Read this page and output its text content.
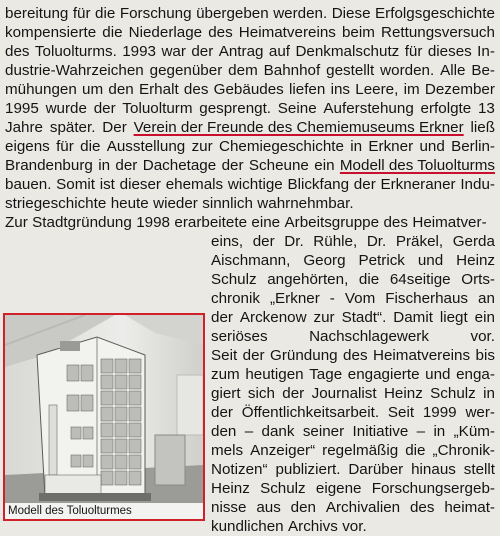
bereitung für die Forschung übergeben werden. Diese Erfolgsgeschichte
kompensierte die Niederlage des Heimatvereins beim Rettungsversuch
des Toluolturms. 1993 war der Antrag auf Denkmalschutz für dieses In-
dustrie-Wahrzeichen gegenüber dem Bahnhof gestellt worden. Alle Be-
mühungen um den Erhalt des Gebäudes liefen ins Leere, im Dezember
1995 wurde der Toluolturm gesprengt. Seine Auferstehung erfolgte 13
Jahre später. Der Verein der Freunde des Chemiemuseums Erkner ließ
eigens für die Ausstellung zur Chemiegeschichte in Erkner und Berlin-
Brandenburg in der Dachetage der Scheune ein Modell des Toluolturms
bauen. Somit ist dieser ehemals wichtige Blickfang der Erkneraner Indu-
striegeschichte heute wieder sinnlich wahrnehmbar.
Zur Stadtgründung 1998 erarbeitete eine Arbeitsgruppe des Heimatver-
eins, der Dr. Rühle, Dr. Präkel, Gerda
Aischmann, Georg Petrick und Heinz
Schulz angehörten, die 64seitige Orts-
chronik „Erkner - Vom Fischerhaus an
der Arckenow zur Stadt“. Damit liegt ein
seriöses	Nachschlagewerk	vor.
Seit der Gründung des Heimatvereins bis
zum heutigen Tage engagierte und enga-
giert sich der Journalist Heinz Schulz in
der Öffentlichkeitsarbeit. Seit 1999 wer-
den – dank seiner Initiative – in „Küm-
mels Anzeiger“ regelmäßig die „Chronik-
Notizen“ publiziert. Darüber hinaus stellt
Heinz Schulz eigene Forschungsergeb-
nisse aus den Archivalien des heimat-
kundlichen Archivs vor.
Modell des Toluolturmes
